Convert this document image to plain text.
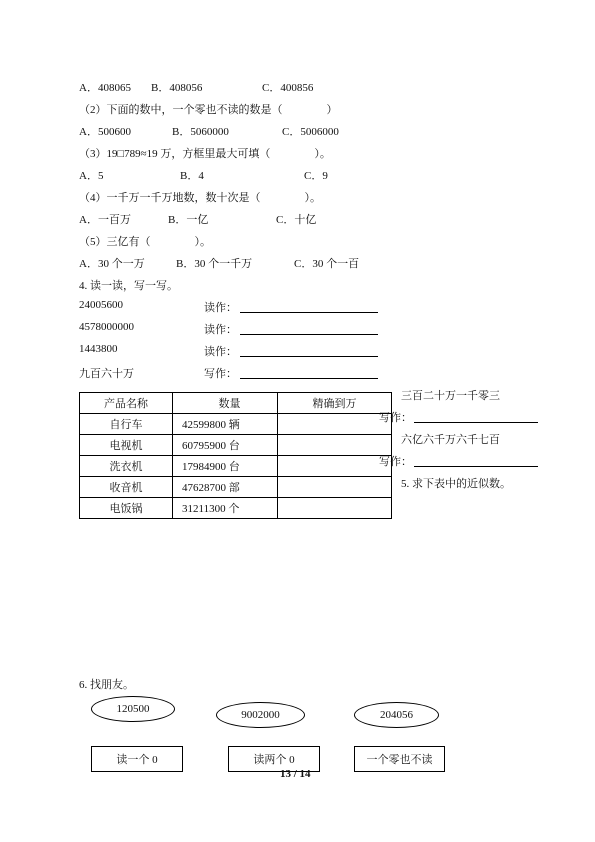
A．408065 B．408056	C．400856
（2）下面的数中，一个零也不读的数是（　　　　）
A．500600	B．5060000	C．5006000
（3）19□789≈19 万，方框里最大可填（　　　　）。
A．5	B．4	C．9
（4）一千万一千万地数，数十次是（　　　　）。
A．一百万	B．一亿	C．十亿
（5）三亿有（　　　　）。
A．30 个一万	B．30 个一千万	C．30 个一百
4. 读一读，写一写。
24005600	读作：
4578000000	读作：
1443800	读作：
九百六十万	写作：
三百二十万一千零三
写作：
六亿六千万六千七百
写作：
5. 求下表中的近似数。
产品名称	数量	精确到万
自行车	42599800 辆	
电视机	60795900 台	
洗衣机	17984900 台	
收音机	47628700 部	
电饭锅	31211300 个	
6. 找朋友。
120500	9002000	204056
读一个 0	读两个 0	一个零也不读
13 / 14
